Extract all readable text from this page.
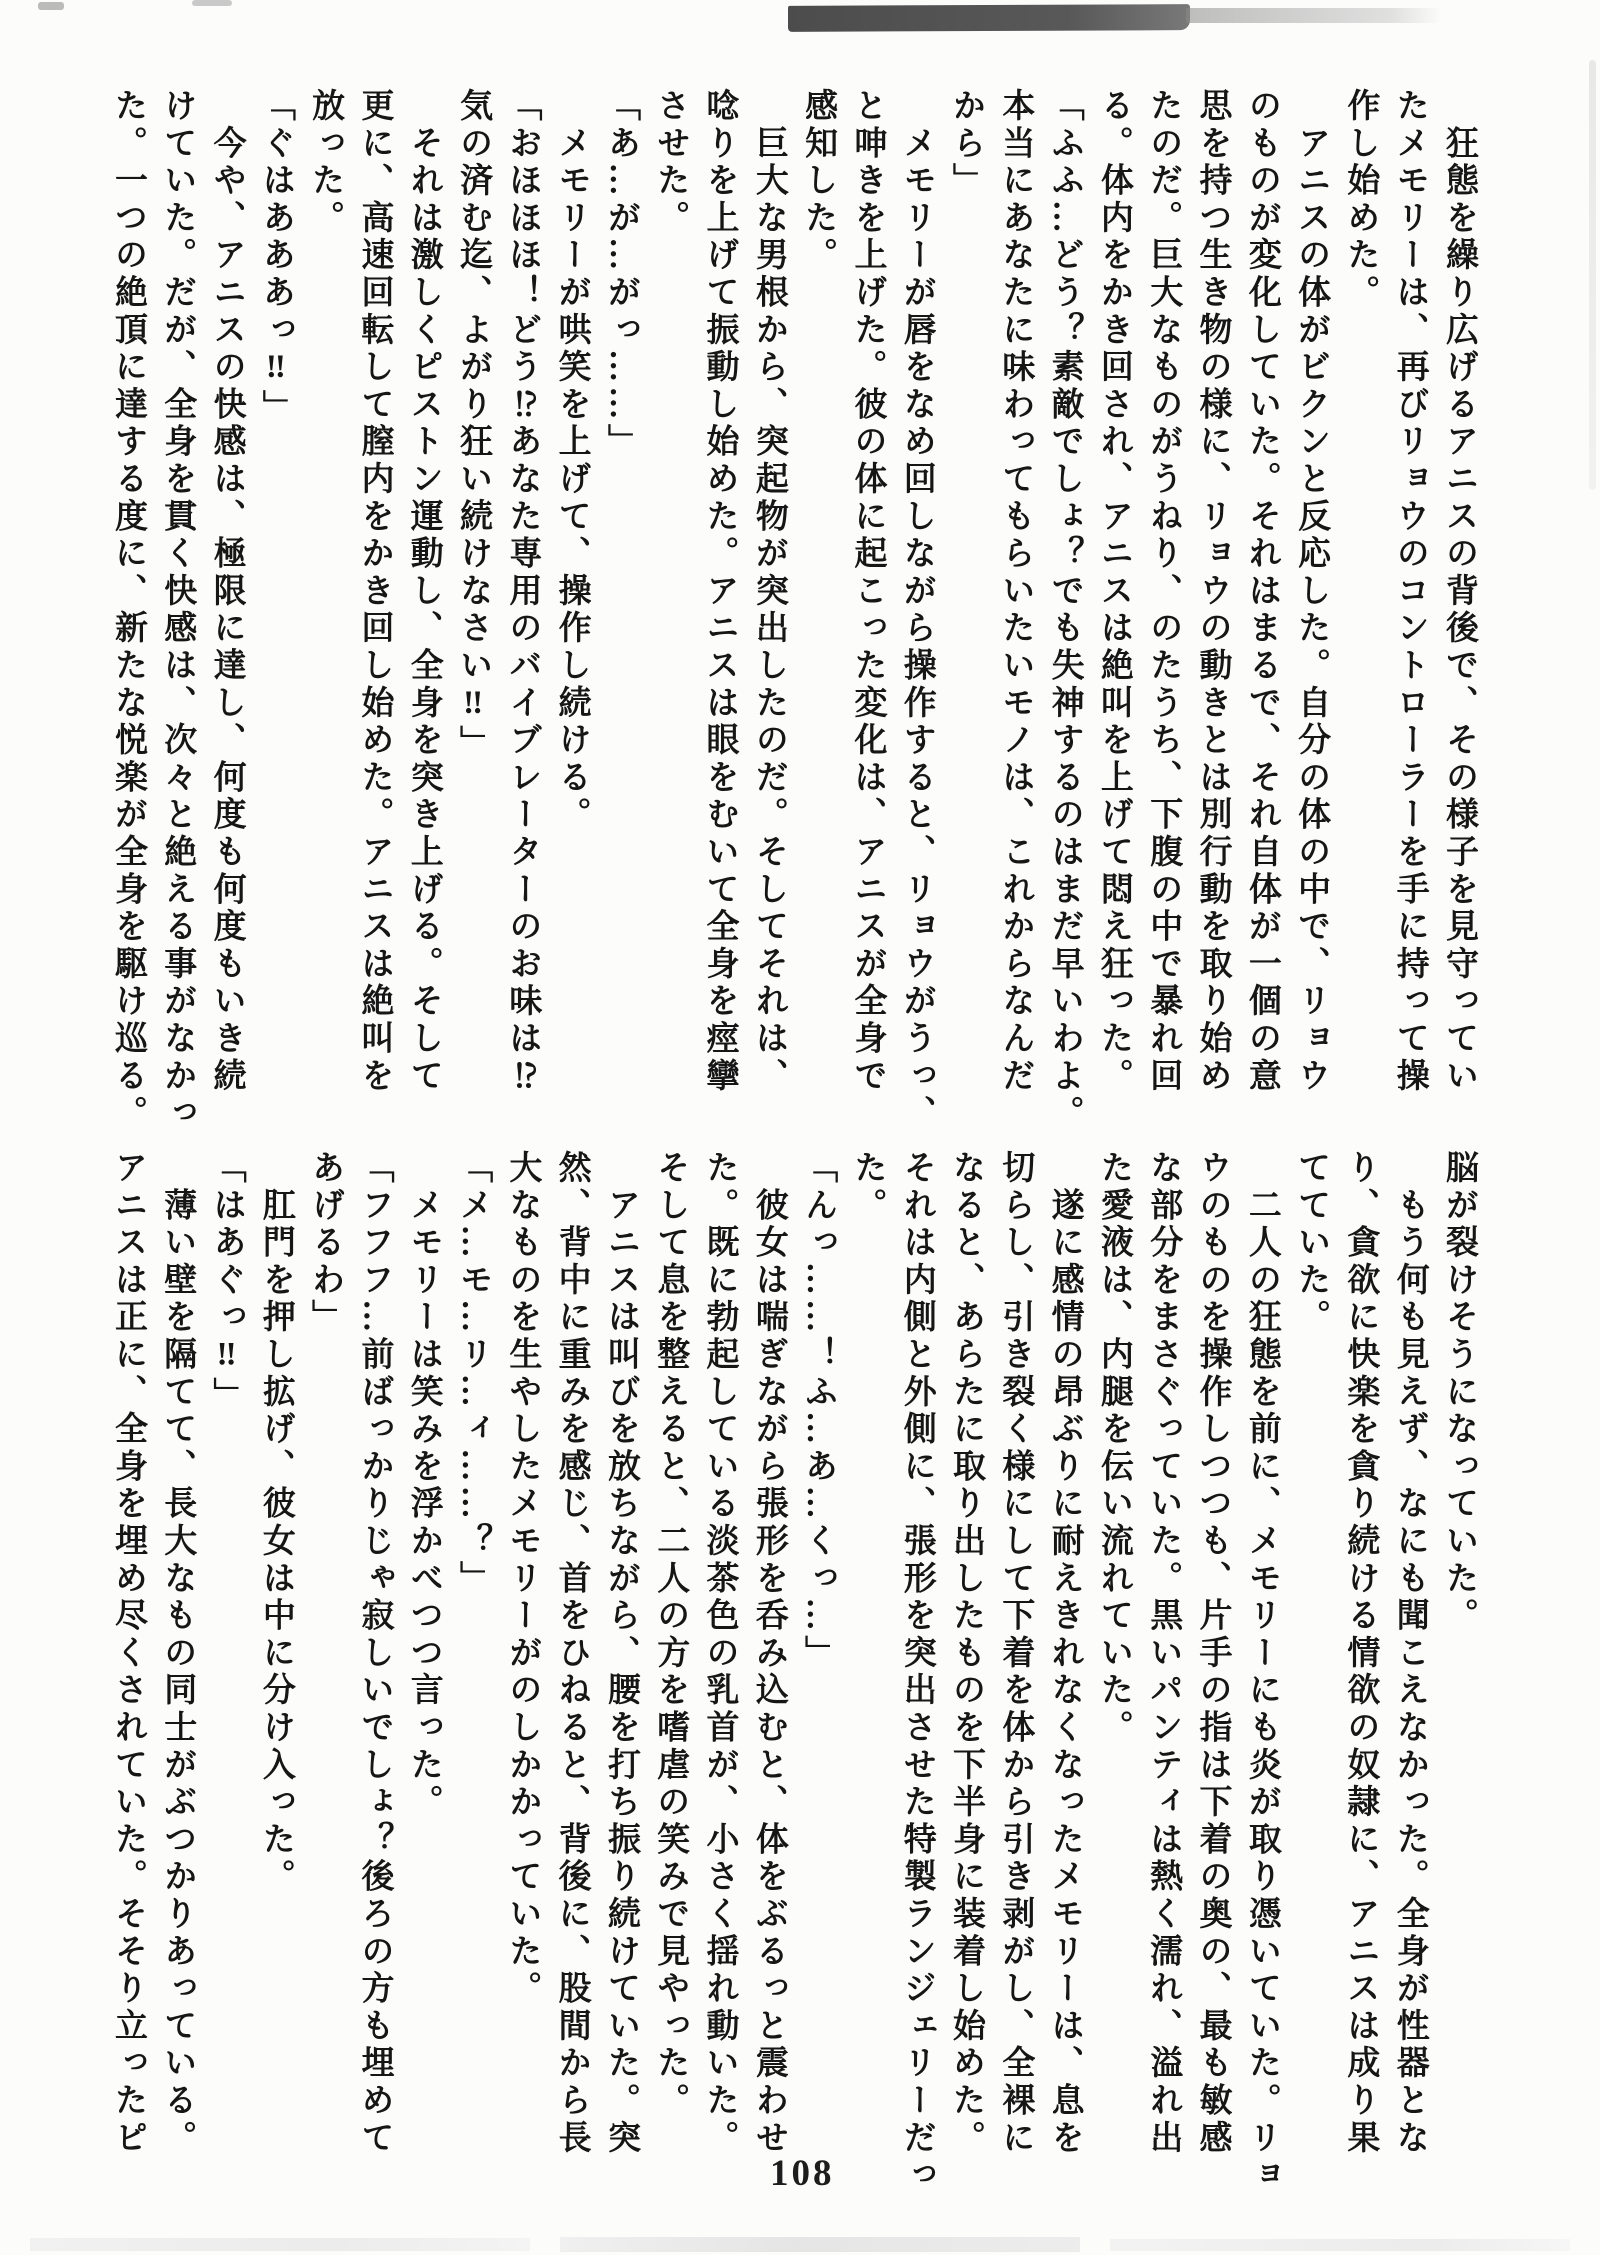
　狂態を繰り広げるアニスの背後で、その様子を見守ってい

たメモリーは、再びリョウのコントローラーを手に持って操

作し始めた。

　アニスの体がビクンと反応した。自分の体の中で、リョウ

のものが変化していた。それはまるで、それ自体が一個の意

思を持つ生き物の様に、リョウの動きとは別行動を取り始め

たのだ。巨大なものがうねり、のたうち、下腹の中で暴れ回

る。体内をかき回され、アニスは絶叫を上げて悶え狂った。

「ふふ…どう？素敵でしょ？でも失神するのはまだ早いわよ。

本当にあなたに味わってもらいたいモノは、これからなんだ

から」

　メモリーが唇をなめ回しながら操作すると、リョウがうっ、

と呻きを上げた。彼の体に起こった変化は、アニスが全身で

感知した。

　巨大な男根から、突起物が突出したのだ。そしてそれは、

唸りを上げて振動し始めた。アニスは眼をむいて全身を痙攣

させた。

「あ…が…がっ……」

　メモリーが哄笑を上げて、操作し続ける。

「おほほほ！どう⁉あなた専用のバイブレーターのお味は⁉

気の済む迄、よがり狂い続けなさい‼」

　それは激しくピストン運動し、全身を突き上げる。そして

更に、高速回転して膣内をかき回し始めた。アニスは絶叫を

放った。

「ぐはあああっ‼」

　今や、アニスの快感は、極限に達し、何度も何度もいき続

けていた。だが、全身を貫く快感は、次々と絶える事がなかっ

た。一つの絶頂に達する度に、新たな悦楽が全身を駆け巡る。

脳が裂けそうになっていた。

　もう何も見えず、なにも聞こえなかった。全身が性器とな

り、貪欲に快楽を貪り続ける情欲の奴隷に、アニスは成り果

てていた。

　二人の狂態を前に、メモリーにも炎が取り憑いていた。リョ

ウのものを操作しつつも、片手の指は下着の奥の、最も敏感

な部分をまさぐっていた。黒いパンティは熱く濡れ、溢れ出

た愛液は、内腿を伝い流れていた。

　遂に感情の昂ぶりに耐えきれなくなったメモリーは、息を

切らし、引き裂く様にして下着を体から引き剥がし、全裸に

なると、あらたに取り出したものを下半身に装着し始めた。

それは内側と外側に、張形を突出させた特製ランジェリーだっ

た。

「んっ……！ふ…あ…くっ…」

　彼女は喘ぎながら張形を呑み込むと、体をぶるっと震わせ

た。既に勃起している淡茶色の乳首が、小さく揺れ動いた。

そして息を整えると、二人の方を嗜虐の笑みで見やった。

　アニスは叫びを放ちながら、腰を打ち振り続けていた。突

然、背中に重みを感じ、首をひねると、背後に、股間から長

大なものを生やしたメモリーがのしかかっていた。

「メ…モ…リ…ィ……？」

　メモリーは笑みを浮かべつつ言った。

「フフフ…前ばっかりじゃ寂しいでしょ？後ろの方も埋めて

あげるわ」

　肛門を押し拡げ、彼女は中に分け入った。

「はあぐっ‼」

　薄い壁を隔てて、長大なもの同士がぶつかりあっている。

アニスは正に、全身を埋め尽くされていた。そそり立ったピ

108
